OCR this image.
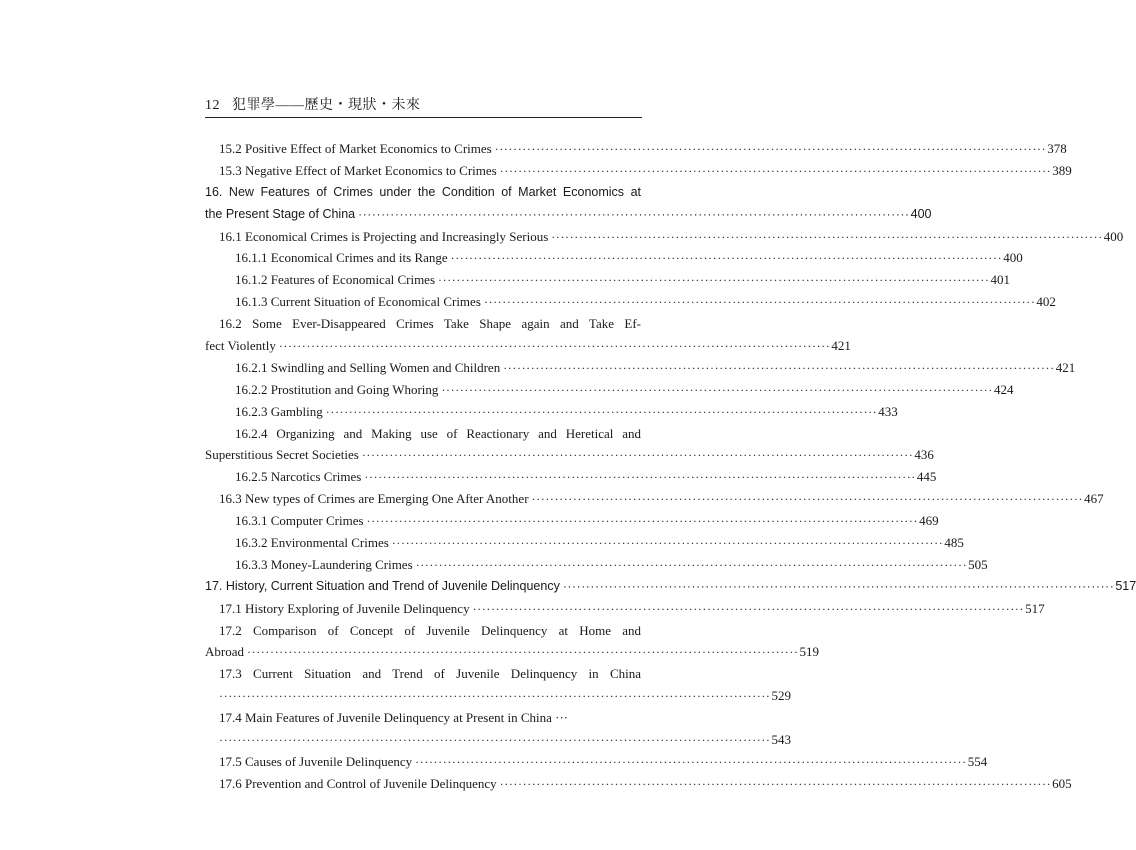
12 犯罪學——歷史・現狀・未來
15.2 Positive Effect of Market Economics to Crimes ························································································································ 378
15.3 Negative Effect of Market Economics to Crimes ························································································································ 389
16. New Features of Crimes under the Condition of Market Economics at
the Present Stage of China ························································································································ 400
16.1 Economical Crimes is Projecting and Increasingly Serious ························································································································ 400
16.1.1 Economical Crimes and its Range ························································································································ 400
16.1.2 Features of Economical Crimes ························································································································ 401
16.1.3 Current Situation of Economical Crimes ························································································································ 402
16.2 Some Ever-Disappeared Crimes Take Shape again and Take Ef-
fect Violently ························································································································ 421
16.2.1 Swindling and Selling Women and Children ························································································································ 421
16.2.2 Prostitution and Going Whoring ························································································································ 424
16.2.3 Gambling ························································································································ 433
16.2.4 Organizing and Making use of Reactionary and Heretical and
Superstitious Secret Societies ························································································································ 436
16.2.5 Narcotics Crimes ························································································································ 445
16.3 New types of Crimes are Emerging One After Another ························································································································ 467
16.3.1 Computer Crimes ························································································································ 469
16.3.2 Environmental Crimes ························································································································ 485
16.3.3 Money-Laundering Crimes ························································································································ 505
17. History, Current Situation and Trend of Juvenile Delinquency ························································································································ 517
17.1 History Exploring of Juvenile Delinquency ························································································································ 517
17.2 Comparison of Concept of Juvenile Delinquency at Home and
Abroad ························································································································ 519
17.3 Current Situation and Trend of Juvenile Delinquency in China
························································································································ 529
17.4 Main Features of Juvenile Delinquency at Present in China ···
························································································································ 543
17.5 Causes of Juvenile Delinquency ························································································································ 554
17.6 Prevention and Control of Juvenile Delinquency ························································································································ 605
